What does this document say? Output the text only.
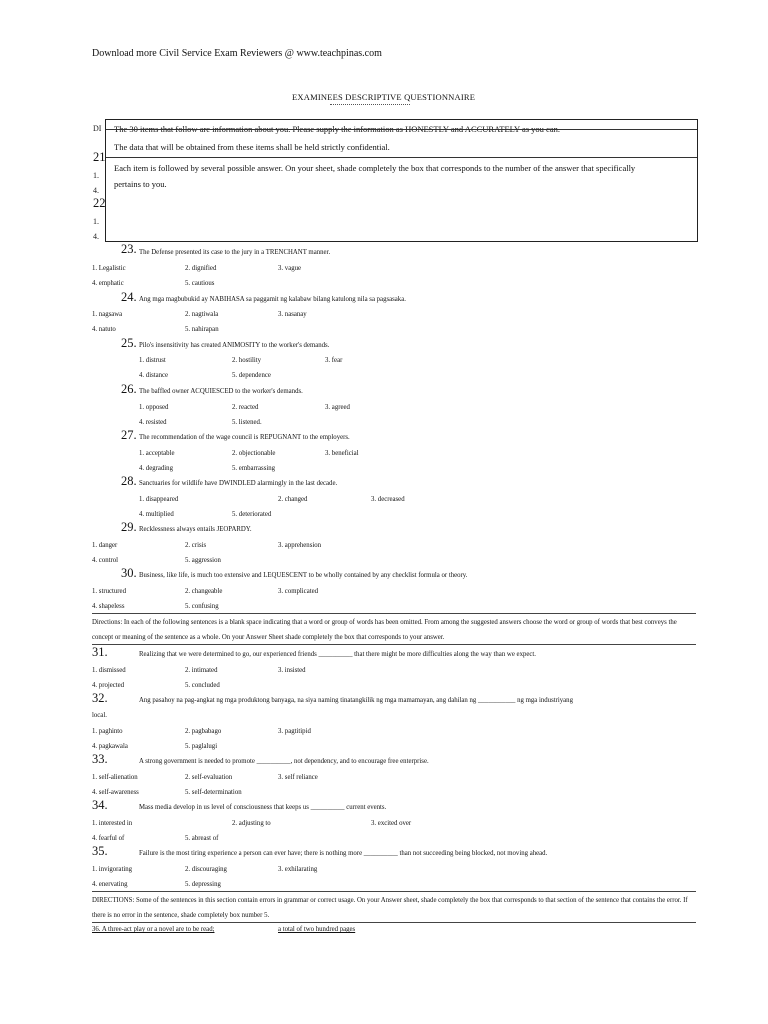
Download more Civil Service Exam Reviewers @ www.teachpinas.com
EXAMINEES DESCRIPTIVE QUESTIONNAIRE
DI
21
1.
4.
22
1.
4.

The 30 items that follow are information about you. Please supply the information as HONESTLY and ACCURATELY as you can.

The data that will be obtained from these items shall be held strictly confidential.

Each item is followed by several possible answer. On your sheet, shade completely the box that corresponds to the number of the answer that specifically

pertains to you.

23. The Defense presented its case to the jury in a TRENCHANT manner.
1. Legalistic	2. dignified	3. vague
4. emphatic	5. cautious
24. Ang mga magbubukid ay NABIHASA sa paggamit ng kalabaw bilang katulong nila sa pagsasaka.
1. nagsawa	2. nagtiwala	3. nasanay
4. natuto	5. nahirapan
25. Pilo's insensitivity has created ANIMOSITY to the worker's demands.
1. distrust	2. hostility	3. fear
4. distance	5. dependence
26. The baffled owner ACQUIESCED to the worker's demands.
1. opposed	2. reacted	3. agreed
4. resisted	5. listened.
27. The recommendation of the wage council is REPUGNANT to the employers.
1. acceptable	2. objectionable	3. beneficial
4. degrading	5. embarrassing
28. Sanctuaries for wildlife have DWINDLED alarmingly in the last decade.
1. disappeared	2. changed	3. decreased
4. multiplied	5. deteriorated
29. Recklessness always entails JEOPARDY.
1. danger	2. crisis	3. apprehension
4. control	5. aggression
30. Business, like life, is much too extensive and LEQUESCENT to be wholly contained by any checklist formula or theory.
1. structured	2. changeable	3. complicated
4. shapeless	5. confusing
Directions: In each of the following sentences is a blank space indicating that a word or group of words has been omitted. From among the suggested answers choose the word or group of words that best conveys the concept or meaning of the sentence as a whole. On your Answer Sheet shade completely the box that corresponds to your answer.
31.	Realizing that we were determined to go, our experienced friends __________ that there might be more difficulties along the way than we expect.
1. dismissed	2. intimated	3. insisted
4. projected	5. concluded
32.	Ang pasahoy na pag-angkat ng mga produktong banyaga, na siya naming tinatangkilik ng mga mamamayan, ang dahilan ng ___________ ng mga industriyang
local.
1. paghinto	2. pagbabago	3. pagtitipid
4. pagkawala	5. paglalugi
33.	A strong government is needed to promote __________, not dependency, and to encourage free enterprise.
1. self-alienation	2. self-evaluation	3. self reliance
4. self-awareness	5. self-determination
34.	Mass media develop in us level of consciousness that keeps us __________ current events.
1. interested in	2. adjusting to	3. excited over
4. fearful of	5. abreast of
35.	Failure is the most tiring experience a person can ever have; there is nothing more __________ than not succeeding being blocked, not moving ahead.
1. invigorating	2. discouraging	3. exhilarating
4. enervating	5. depressing
DIRECTIONS: Some of the sentences in this section contain errors in grammar or correct usage. On your Answer sheet, shade completely the box that corresponds to that section of the sentence that contains the error. If there is no error in the sentence, shade completely box number 5.
36. A three-act play or a novel are to be read;	a total of two hundred pages
